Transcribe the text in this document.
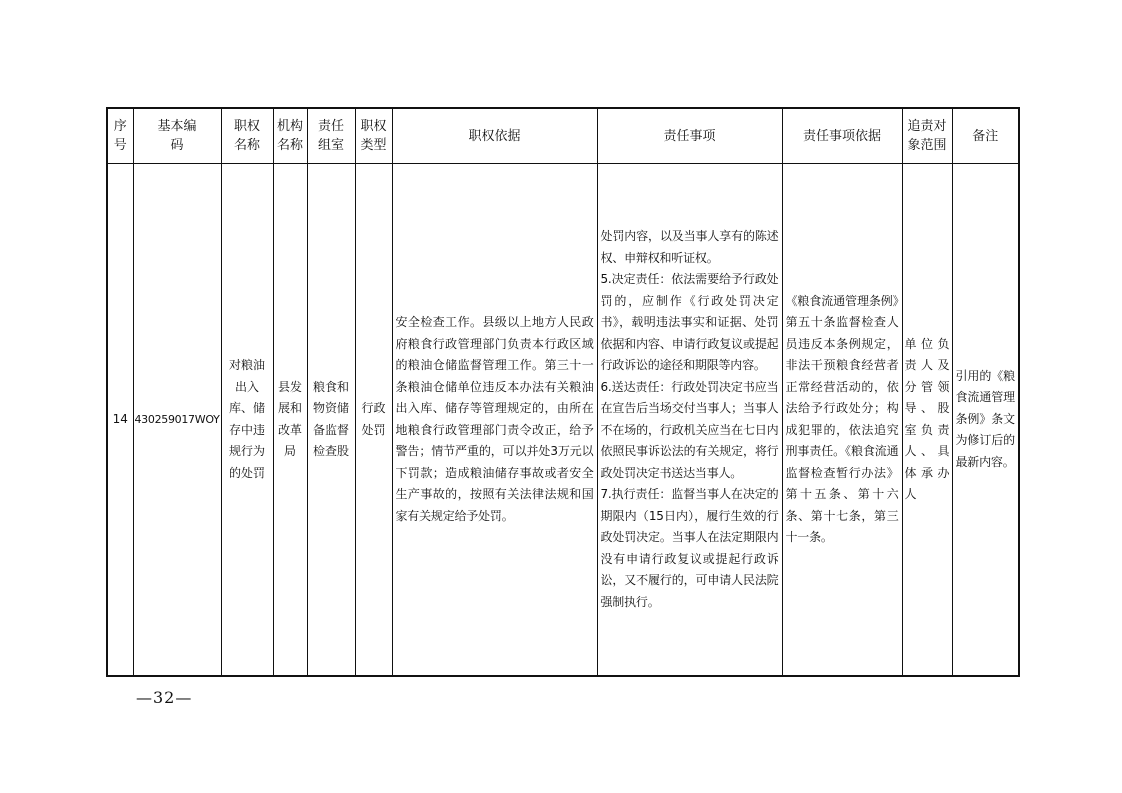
序号	基本编码	职权名称	机构名称	责任组室	职权类型	职权依据	责任事项	责任事项依据	追责对象范围	备注
14	430259017WOY	对粮油出入库、储存中违规行为的处罚	县发展和改革局	粮食和物资储备监督检查股	行政处罚	安全检查工作。县级以上地方人民政府粮食行政管理部门负责本行政区域的粮油仓储监督管理工作。第三十一条粮油仓储单位违反本办法有关粮油出入库、储存等管理规定的，由所在地粮食行政管理部门责令改正，给予警告；情节严重的，可以并处3万元以下罚款；造成粮油储存事故或者安全生产事故的，按照有关法律法规和国家有关规定给予处罚。	处罚内容，以及当事人享有的陈述权、申辩权和听证权。
5.决定责任：依法需要给予行政处罚的，应制作《行政处罚决定书》，载明违法事实和证据、处罚依据和内容、申请行政复议或提起行政诉讼的途径和期限等内容。
6.送达责任：行政处罚决定书应当在宣告后当场交付当事人；当事人不在场的，行政机关应当在七日内依照民事诉讼法的有关规定，将行政处罚决定书送达当事人。
7.执行责任：监督当事人在决定的期限内（15日内），履行生效的行政处罚决定。当事人在法定期限内没有申请行政复议或提起行政诉讼，又不履行的，可申请人民法院强制执行。	《粮食流通管理条例》第五十条监督检查人员违反本条例规定，非法干预粮食经营者正常经营活动的，依法给予行政处分；构成犯罪的，依法追究刑事责任。《粮食流通监督检查暂行办法》第十五条、第十六条、第十七条，第三十一条。	单位负责人及分管领导、股室负责人、具体承办人	引用的《粮食流通管理条例》条文为修订后的最新内容。
—32—
